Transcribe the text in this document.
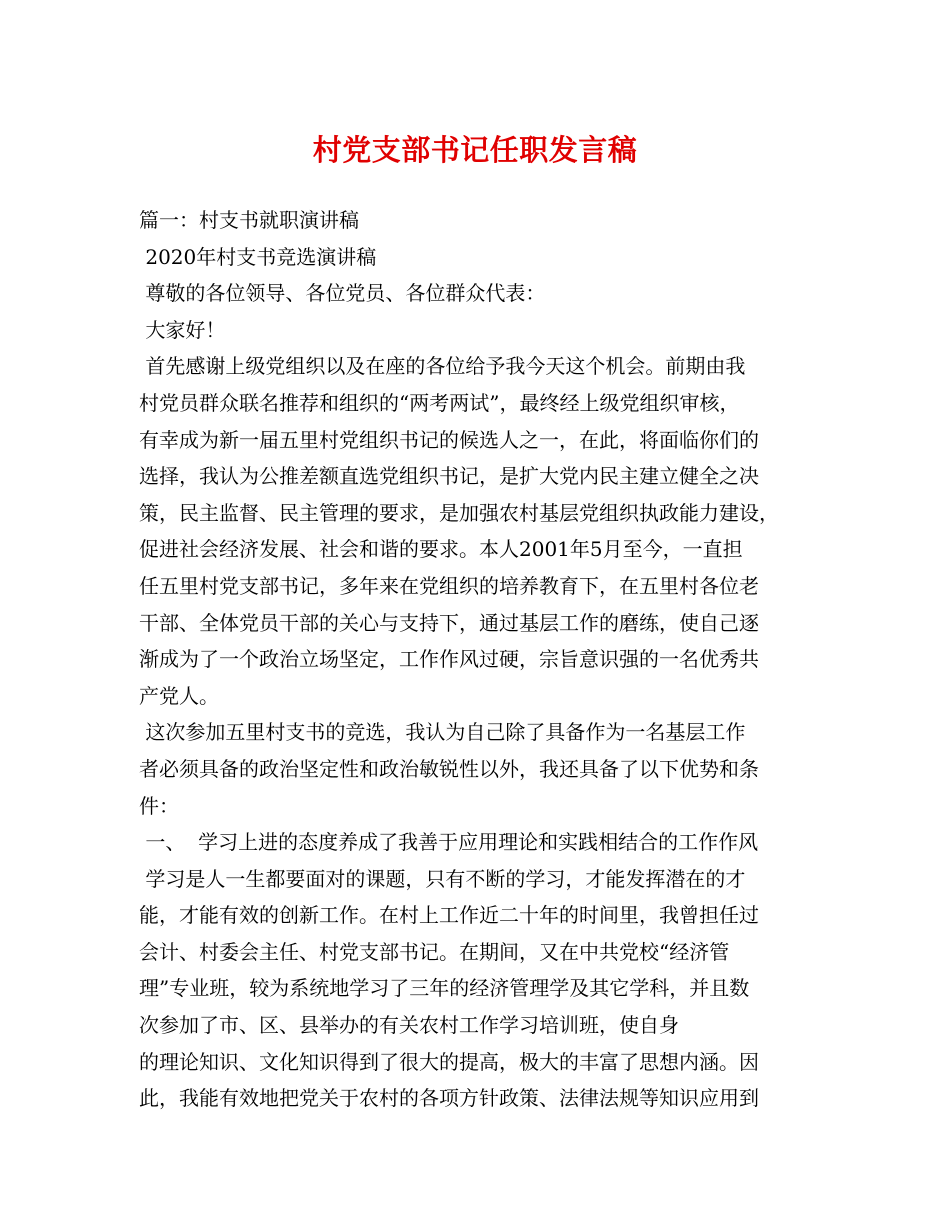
村党支部书记任职发言稿
篇一：村支书就职演讲稿
2020年村支书竞选演讲稿
尊敬的各位领导、各位党员、各位群众代表：
大家好！
首先感谢上级党组织以及在座的各位给予我今天这个机会。前期由我
村党员群众联名推荐和组织的“两考两试”，最终经上级党组织审核，
有幸成为新一届五里村党组织书记的候选人之一，在此，将面临你们的
选择，我认为公推差额直选党组织书记，是扩大党内民主建立健全之决
策，民主监督、民主管理的要求，是加强农村基层党组织执政能力建设，
促进社会经济发展、社会和谐的要求。本人2001年5月至今，一直担
任五里村党支部书记，多年来在党组织的培养教育下，在五里村各位老
干部、全体党员干部的关心与支持下，通过基层工作的磨练，使自己逐
渐成为了一个政治立场坚定，工作作风过硬，宗旨意识强的一名优秀共
产党人。
这次参加五里村支书的竞选，我认为自己除了具备作为一名基层工作
者必须具备的政治坚定性和政治敏锐性以外，我还具备了以下优势和条
件：
一、  学习上进的态度养成了我善于应用理论和实践相结合的工作作风
学习是人一生都要面对的课题，只有不断的学习，才能发挥潜在的才
能，才能有效的创新工作。在村上工作近二十年的时间里，我曾担任过
会计、村委会主任、村党支部书记。在期间，又在中共党校“经济管
理”专业班，较为系统地学习了三年的经济管理学及其它学科，并且数
次参加了市、区、县举办的有关农村工作学习培训班，使自身
的理论知识、文化知识得到了很大的提高，极大的丰富了思想内涵。因
此，我能有效地把党关于农村的各项方针政策、法律法规等知识应用到
